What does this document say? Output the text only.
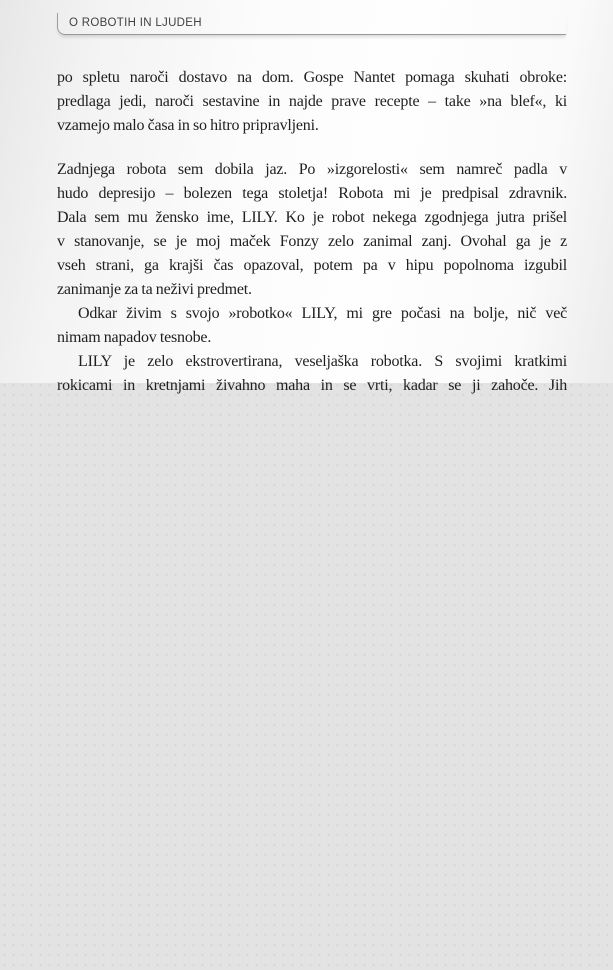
O ROBOTIH IN LJUDEH
po spletu naroči dostavo na dom. Gospe Nantet pomaga skuhati obroke:
predlaga jedi, naroči sestavine in najde prave recepte – take »na blef«, ki
vzamejo malo časa in so hitro pripravljeni.
Zadnjega robota sem dobila jaz. Po »izgorelosti« sem namreč padla v
hudo depresijo – bolezen tega stoletja! Robota mi je predpisal zdravnik.
Dala sem mu žensko ime, LILY. Ko je robot nekega zgodnjega jutra prišel
v stanovanje, se je moj maček Fonzy zelo zanimal zanj. Ovohal ga je z
vseh strani, ga krajši čas opazoval, potem pa v hipu popolnoma izgubil
zanimanje za ta neživi predmet.
Odkar živim s svojo »robotko« LILY, mi gre počasi na bolje, nič več
nimam napadov tesnobe.
LILY je zelo ekstrovertirana, veseljaška robotka. S svojimi kratkimi
rokicami in kretnjami živahno maha in se vrti, kadar se ji zahoče. Jih
